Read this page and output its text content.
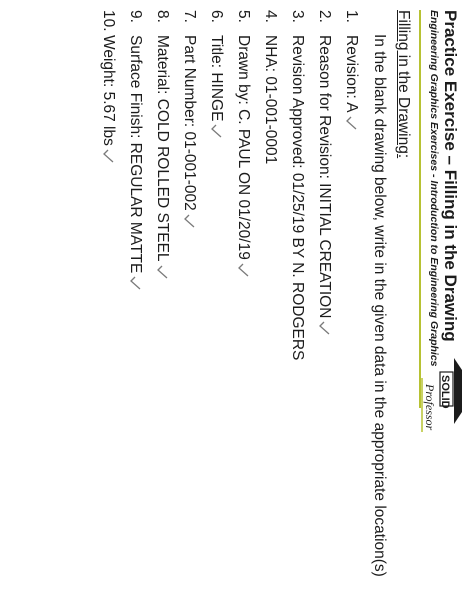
Practice Exercise – Filling in the Drawing
Engineering Graphics Exercises - Introduction to Engineering Graphics
SOLID
Professor
Filling in the Drawing:
In the blank drawing below, write in the given data in the appropriate location(s)
1.
Revision: A
2.
Reason for Revision: INITIAL CREATION
3.
Revision Approved: 01/25/19 BY N. RODGERS
4.
NHA: 01-001-0001
5.
Drawn by: C. PAUL ON 01/20/19
6.
Title: HINGE
7.
Part Number: 01-001-002
8.
Material: COLD ROLLED STEEL
9.
Surface Finish: REGULAR MATTE
10.
Weight: 5.67 lbs
